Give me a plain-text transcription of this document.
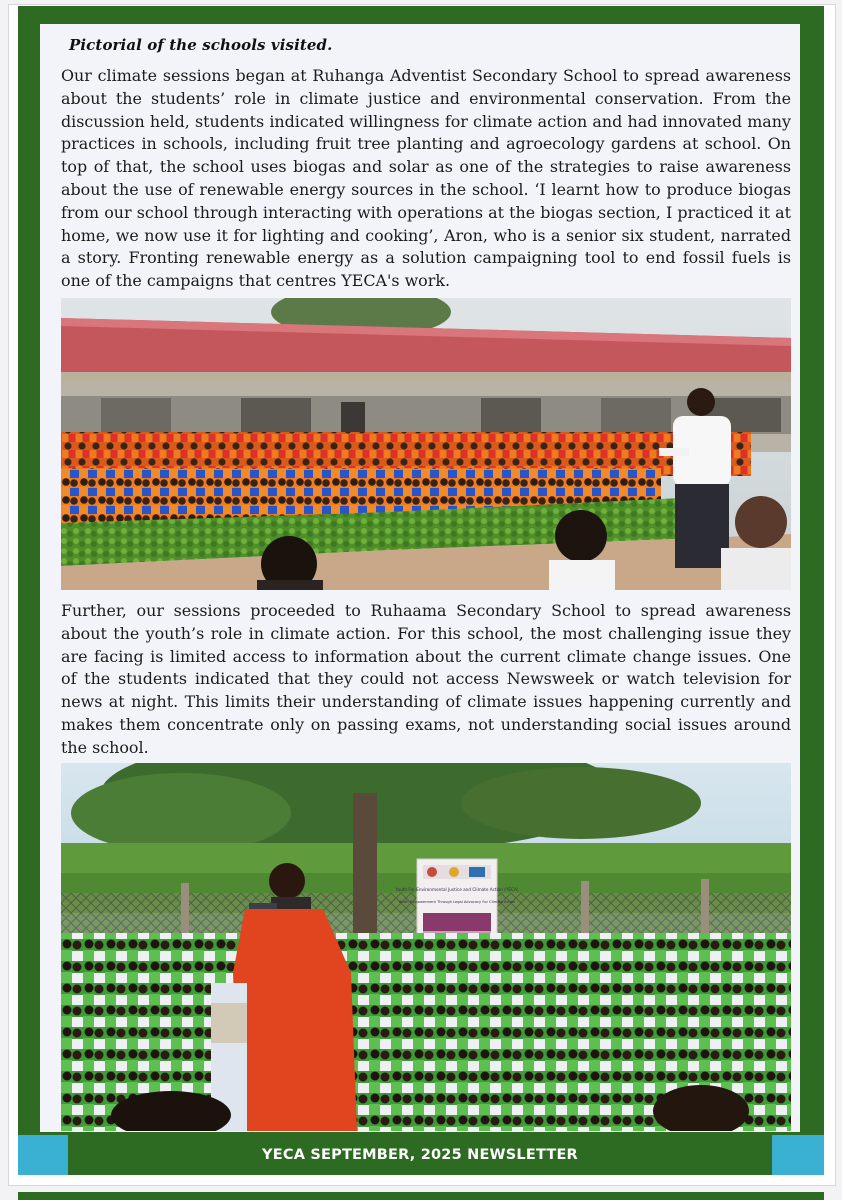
Pictorial of the schools visited.

Our climate sessions began at Ruhanga Adventist Secondary School to spread awareness about the students’ role in climate justice and environmental conservation. From the discussion held, students indicated willingness for climate action and had innovated many practices in schools, including fruit tree planting and agroecology gardens at school. On top of that, the school uses biogas and solar as one of the strategies to raise awareness about the use of renewable energy sources in the school. ‘I learnt how to produce biogas from our school through interacting with operations at the biogas section, I practiced it at home, we now use it for lighting and cooking’, Aron, who is a senior six student, narrated a story. Fronting renewable energy as a solution campaigning tool to end fossil fuels is one of the campaigns that centres YECA's work.

Further, our sessions proceeded to Ruhaama Secondary School to spread awareness about the youth’s role in climate action. For this school, the most challenging issue they are facing is limited access to information about the current climate change issues. One of the students indicated that they could not access Newsweek or watch television for news at night. This limits their understanding of climate issues happening currently and makes them concentrate only on passing exams, not understanding social issues around the school.

Youth For Environmental Justice and Climate Action (YECA)
Youth Empowerment Through Legal Advocacy For Climate Action
YECA SEPTEMBER, 2025 NEWSLETTER
